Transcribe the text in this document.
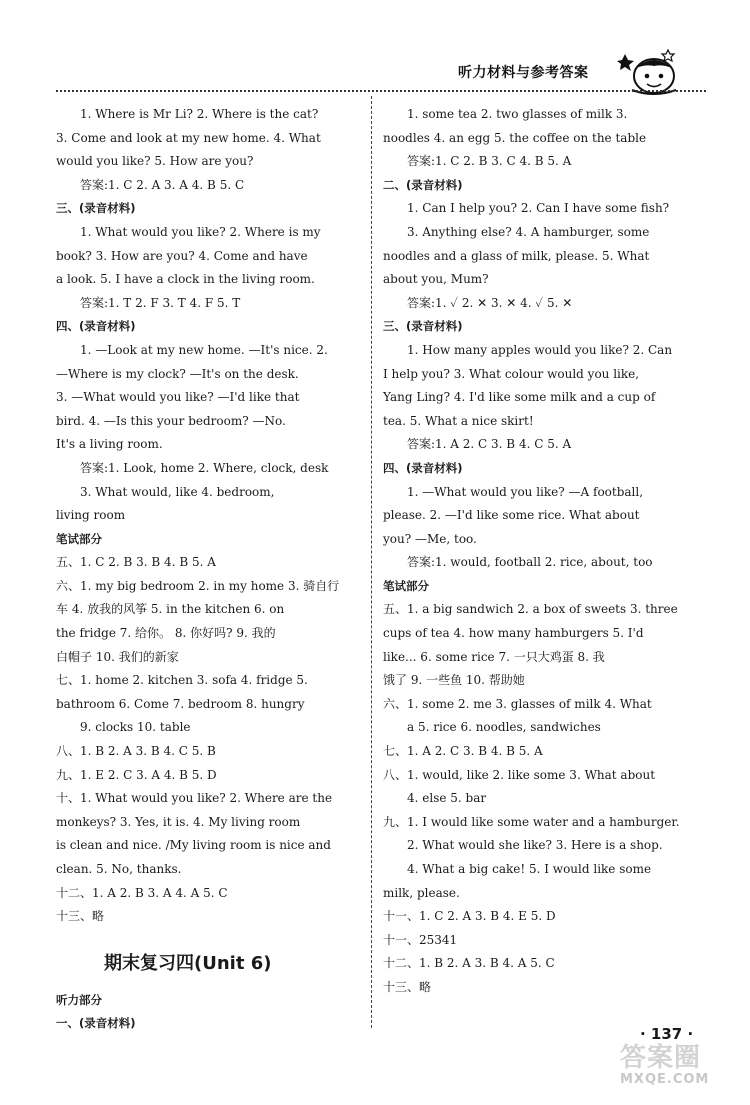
听力材料与参考答案
1. Where is Mr Li? 2. Where is the cat?
3. Come and look at my new home. 4. What
would you like? 5. How are you?
答案:1. C 2. A 3. A 4. B 5. C
三、(录音材料)
1. What would you like? 2. Where is my
book? 3. How are you? 4. Come and have
a look. 5. I have a clock in the living room.
答案:1. T 2. F 3. T 4. F 5. T
四、(录音材料)
1. —Look at my new home. —It's nice. 2.
—Where is my clock? —It's on the desk.
3. —What would you like? —I'd like that
bird. 4. —Is this your bedroom? —No.
It's a living room.
答案:1. Look, home 2. Where, clock, desk
3. What would, like 4. bedroom,
living room
笔试部分
五、1. C 2. B 3. B 4. B 5. A
六、1. my big bedroom 2. in my home 3. 骑自行
车 4. 放我的风筝 5. in the kitchen 6. on
the fridge 7. 给你。 8. 你好吗? 9. 我的
白帽子 10. 我们的新家
七、1. home 2. kitchen 3. sofa 4. fridge 5.
bathroom 6. Come 7. bedroom 8. hungry
9. clocks 10. table
八、1. B 2. A 3. B 4. C 5. B
九、1. E 2. C 3. A 4. B 5. D
十、1. What would you like? 2. Where are the
monkeys? 3. Yes, it is. 4. My living room
is clean and nice. /My living room is nice and
clean. 5. No, thanks.
十二、1. A 2. B 3. A 4. A 5. C
十三、略
期末复习四(Unit 6)
听力部分
一、(录音材料)
1. some tea 2. two glasses of milk 3.
noodles 4. an egg 5. the coffee on the table
答案:1. C 2. B 3. C 4. B 5. A
二、(录音材料)
1. Can I help you? 2. Can I have some fish?
3. Anything else? 4. A hamburger, some
noodles and a glass of milk, please. 5. What
about you, Mum?
答案:1. ✓ 2. ✕ 3. ✕ 4. ✓ 5. ✕
三、(录音材料)
1. How many apples would you like? 2. Can
I help you? 3. What colour would you like,
Yang Ling? 4. I'd like some milk and a cup of
tea. 5. What a nice skirt!
答案:1. A 2. C 3. B 4. C 5. A
四、(录音材料)
1. —What would you like? —A football,
please. 2. —I'd like some rice. What about
you? —Me, too.
答案:1. would, football 2. rice, about, too
笔试部分
五、1. a big sandwich 2. a box of sweets 3. three
cups of tea 4. how many hamburgers 5. I'd
like... 6. some rice 7. 一只大鸡蛋 8. 我
饿了 9. 一些鱼 10. 帮助她
六、1. some 2. me 3. glasses of milk 4. What
a 5. rice 6. noodles, sandwiches
七、1. A 2. C 3. B 4. B 5. A
八、1. would, like 2. like some 3. What about
4. else 5. bar
九、1. I would like some water and a hamburger.
2. What would she like? 3. Here is a shop.
4. What a big cake! 5. I would like some
milk, please.
十一、1. C 2. A 3. B 4. E 5. D
十一、25341
十二、1. B 2. A 3. B 4. A 5. C
十三、略
· 137 ·
答案圈
MXQE.COM
